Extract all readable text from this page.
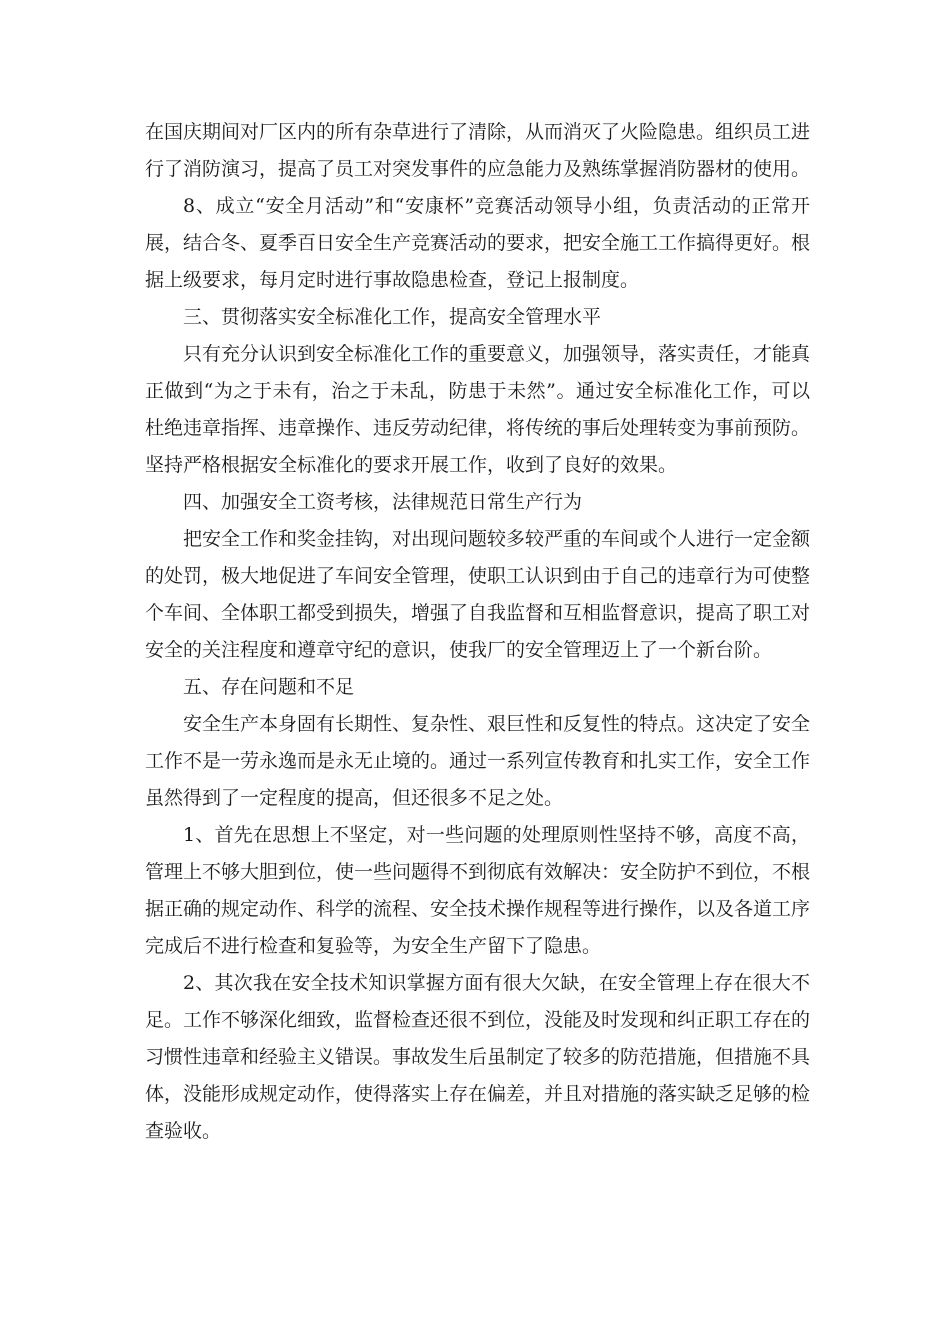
在国庆期间对厂区内的所有杂草进行了清除，从而消灭了火险隐患。组织员工进行了消防演习，提高了员工对突发事件的应急能力及熟练掌握消防器材的使用。

8、成立“安全月活动”和“安康杯”竞赛活动领导小组，负责活动的正常开展，结合冬、夏季百日安全生产竞赛活动的要求，把安全施工工作搞得更好。根据上级要求，每月定时进行事故隐患检查，登记上报制度。

三、贯彻落实安全标准化工作，提高安全管理水平

只有充分认识到安全标准化工作的重要意义，加强领导，落实责任，才能真正做到“为之于未有，治之于未乱，防患于未然”。通过安全标准化工作，可以杜绝违章指挥、违章操作、违反劳动纪律，将传统的事后处理转变为事前预防。坚持严格根据安全标准化的要求开展工作，收到了良好的效果。

四、加强安全工资考核，法律规范日常生产行为

把安全工作和奖金挂钩，对出现问题较多较严重的车间或个人进行一定金额的处罚，极大地促进了车间安全管理，使职工认识到由于自己的违章行为可使整个车间、全体职工都受到损失，增强了自我监督和互相监督意识，提高了职工对安全的关注程度和遵章守纪的意识，使我厂的安全管理迈上了一个新台阶。

五、存在问题和不足

安全生产本身固有长期性、复杂性、艰巨性和反复性的特点。这决定了安全工作不是一劳永逸而是永无止境的。通过一系列宣传教育和扎实工作，安全工作虽然得到了一定程度的提高，但还很多不足之处。

1、首先在思想上不坚定，对一些问题的处理原则性坚持不够，高度不高，管理上不够大胆到位，使一些问题得不到彻底有效解决：安全防护不到位，不根据正确的规定动作、科学的流程、安全技术操作规程等进行操作，以及各道工序完成后不进行检查和复验等，为安全生产留下了隐患。

2、其次我在安全技术知识掌握方面有很大欠缺，在安全管理上存在很大不足。工作不够深化细致，监督检查还很不到位，没能及时发现和纠正职工存在的习惯性违章和经验主义错误。事故发生后虽制定了较多的防范措施，但措施不具体，没能形成规定动作，使得落实上存在偏差，并且对措施的落实缺乏足够的检查验收。
